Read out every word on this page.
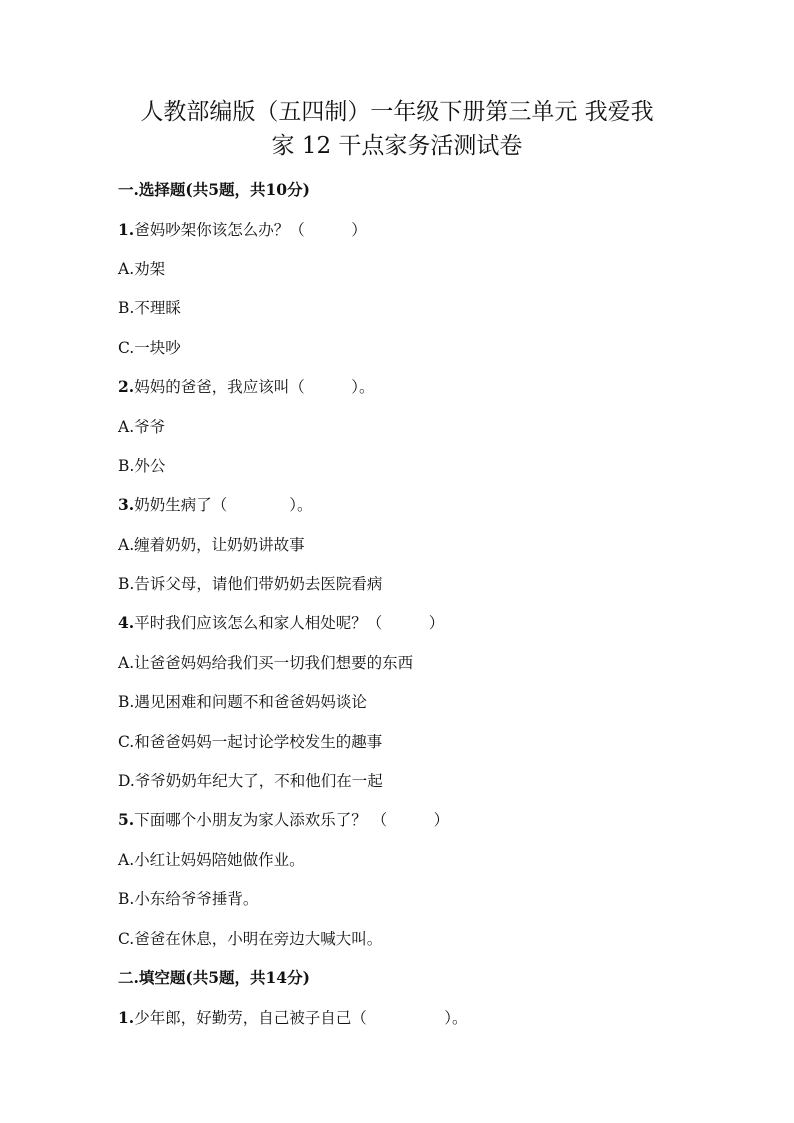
人教部编版（五四制）一年级下册第三单元 我爱我
家 12 干点家务活测试卷
一.选择题(共5题，共10分)
1.爸妈吵架你该怎么办？（　　　）
A.劝架
B.不理睬
C.一块吵
2.妈妈的爸爸，我应该叫（　　　）。
A.爷爷
B.外公
3.奶奶生病了（　　　　）。
A.缠着奶奶，让奶奶讲故事
B.告诉父母，请他们带奶奶去医院看病
4.平时我们应该怎么和家人相处呢？（　　　）
A.让爸爸妈妈给我们买一切我们想要的东西
B.遇见困难和问题不和爸爸妈妈谈论
C.和爸爸妈妈一起讨论学校发生的趣事
D.爷爷奶奶年纪大了，不和他们在一起
5.下面哪个小朋友为家人添欢乐了？ （　　　）
A.小红让妈妈陪她做作业。
B.小东给爷爷捶背。
C.爸爸在休息，小明在旁边大喊大叫。
二.填空题(共5题，共14分)
1.少年郎，好勤劳，自己被子自己（　　　　　）。
